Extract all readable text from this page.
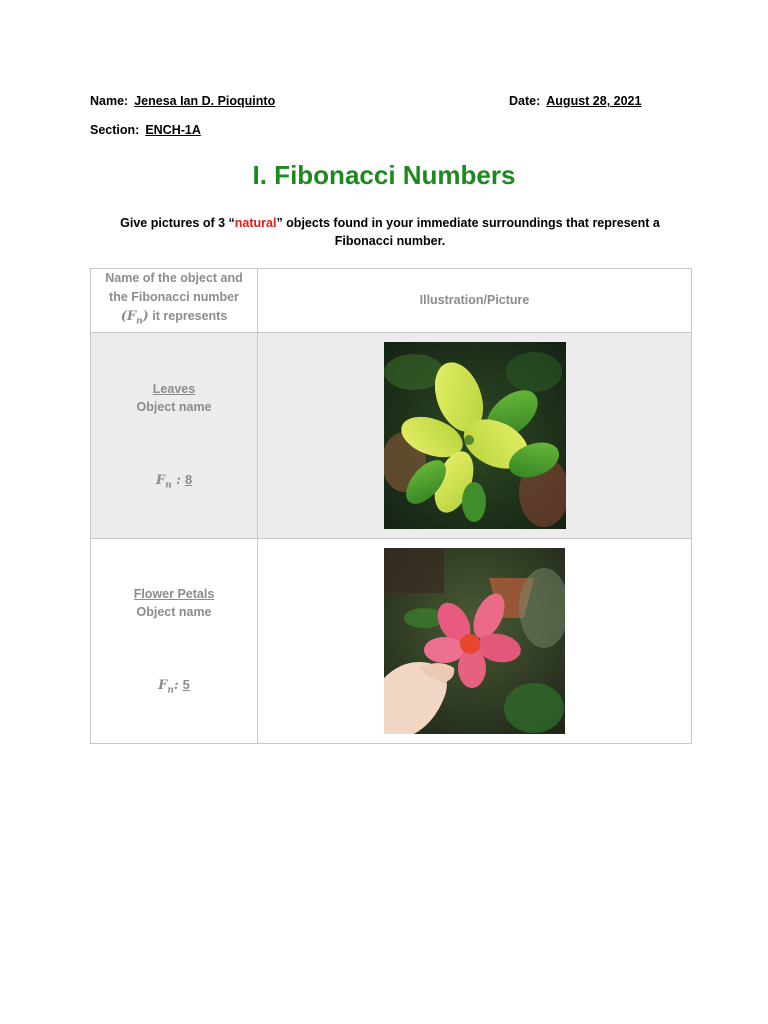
Name: Jenesa Ian D. Pioquinto	Date: August 28, 2021
Section: ENCH-1A
I. Fibonacci Numbers
Give pictures of 3 “natural” objects found in your immediate surroundings that represent a Fibonacci number.
Name of the object and
the Fibonacci number
$(F_n)$ it represents	Illustration/Picture

Leaves
Object name
$F_n$ : 8

Flower Petals
Object name
$F_n$: 5
